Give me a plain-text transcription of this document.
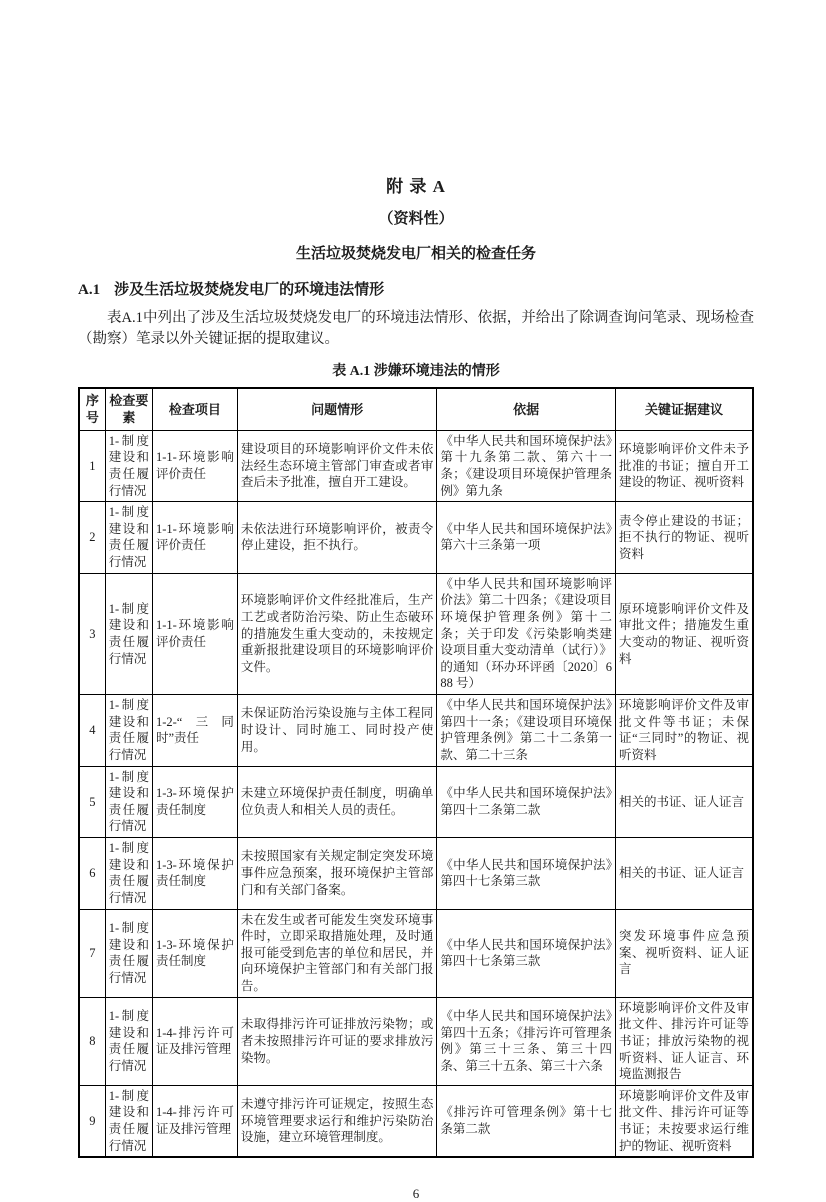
附 录 A
（资料性）
生活垃圾焚烧发电厂相关的检查任务
A.1 涉及生活垃圾焚烧发电厂的环境违法情形

表A.1中列出了涉及生活垃圾焚烧发电厂的环境违法情形、依据，并给出了除调查询问笔录、现场检查（勘察）笔录以外关键证据的提取建议。

表 A.1 涉嫌环境违法的情形
序号	检查要素	检查项目	问题情形	依据	关键证据建议
1	1-制度建设和责任履行情况	1-1-环境影响评价责任	建设项目的环境影响评价文件未依法经生态环境主管部门审查或者审查后未予批准，擅自开工建设。	《中华人民共和国环境保护法》第十九条第二款、第六十一条；《建设项目环境保护管理条例》第九条	环境影响评价文件未予批准的书证；擅自开工建设的物证、视听资料
2	1-制度建设和责任履行情况	1-1-环境影响评价责任	未依法进行环境影响评价，被责令停止建设，拒不执行。	《中华人民共和国环境保护法》第六十三条第一项	责令停止建设的书证；拒不执行的物证、视听资料
3	1-制度建设和责任履行情况	1-1-环境影响评价责任	环境影响评价文件经批准后，生产工艺或者防治污染、防止生态破环的措施发生重大变动的，未按规定重新报批建设项目的环境影响评价文件。	《中华人民共和国环境影响评价法》第二十四条；《建设项目环境保护管理条例》第十二条；关于印发《污染影响类建设项目重大变动清单（试行）》的通知（环办环评函〔2020〕688 号）	原环境影响评价文件及审批文件；措施发生重大变动的物证、视听资料
4	1-制度建设和责任履行情况	1-2-“三同时”责任	未保证防治污染设施与主体工程同时设计、同时施工、同时投产使用。	《中华人民共和国环境保护法》第四十一条；《建设项目环境保护管理条例》第二十二条第一款、第二十三条	环境影响评价文件及审批文件等书证；未保证“三同时”的物证、视听资料
5	1-制度建设和责任履行情况	1-3-环境保护责任制度	未建立环境保护责任制度，明确单位负责人和相关人员的责任。	《中华人民共和国环境保护法》第四十二条第二款	相关的书证、证人证言
6	1-制度建设和责任履行情况	1-3-环境保护责任制度	未按照国家有关规定制定突发环境事件应急预案，报环境保护主管部门和有关部门备案。	《中华人民共和国环境保护法》第四十七条第三款	相关的书证、证人证言
7	1-制度建设和责任履行情况	1-3-环境保护责任制度	未在发生或者可能发生突发环境事件时，立即采取措施处理，及时通报可能受到危害的单位和居民，并向环境保护主管部门和有关部门报告。	《中华人民共和国环境保护法》第四十七条第三款	突发环境事件应急预案、视听资料、证人证言
8	1-制度建设和责任履行情况	1-4-排污许可证及排污管理	未取得排污许可证排放污染物；或者未按照排污许可证的要求排放污染物。	《中华人民共和国环境保护法》第四十五条；《排污许可管理条例》第三十三条、第三十四条、第三十五条、第三十六条	环境影响评价文件及审批文件、排污许可证等书证；排放污染物的视听资料、证人证言、环境监测报告
9	1-制度建设和责任履行情况	1-4-排污许可证及排污管理	未遵守排污许可证规定，按照生态环境管理要求运行和维护污染防治设施，建立环境管理制度。	《排污许可管理条例》第十七条第二款	环境影响评价文件及审批文件、排污许可证等书证；未按要求运行维护的物证、视听资料
6
